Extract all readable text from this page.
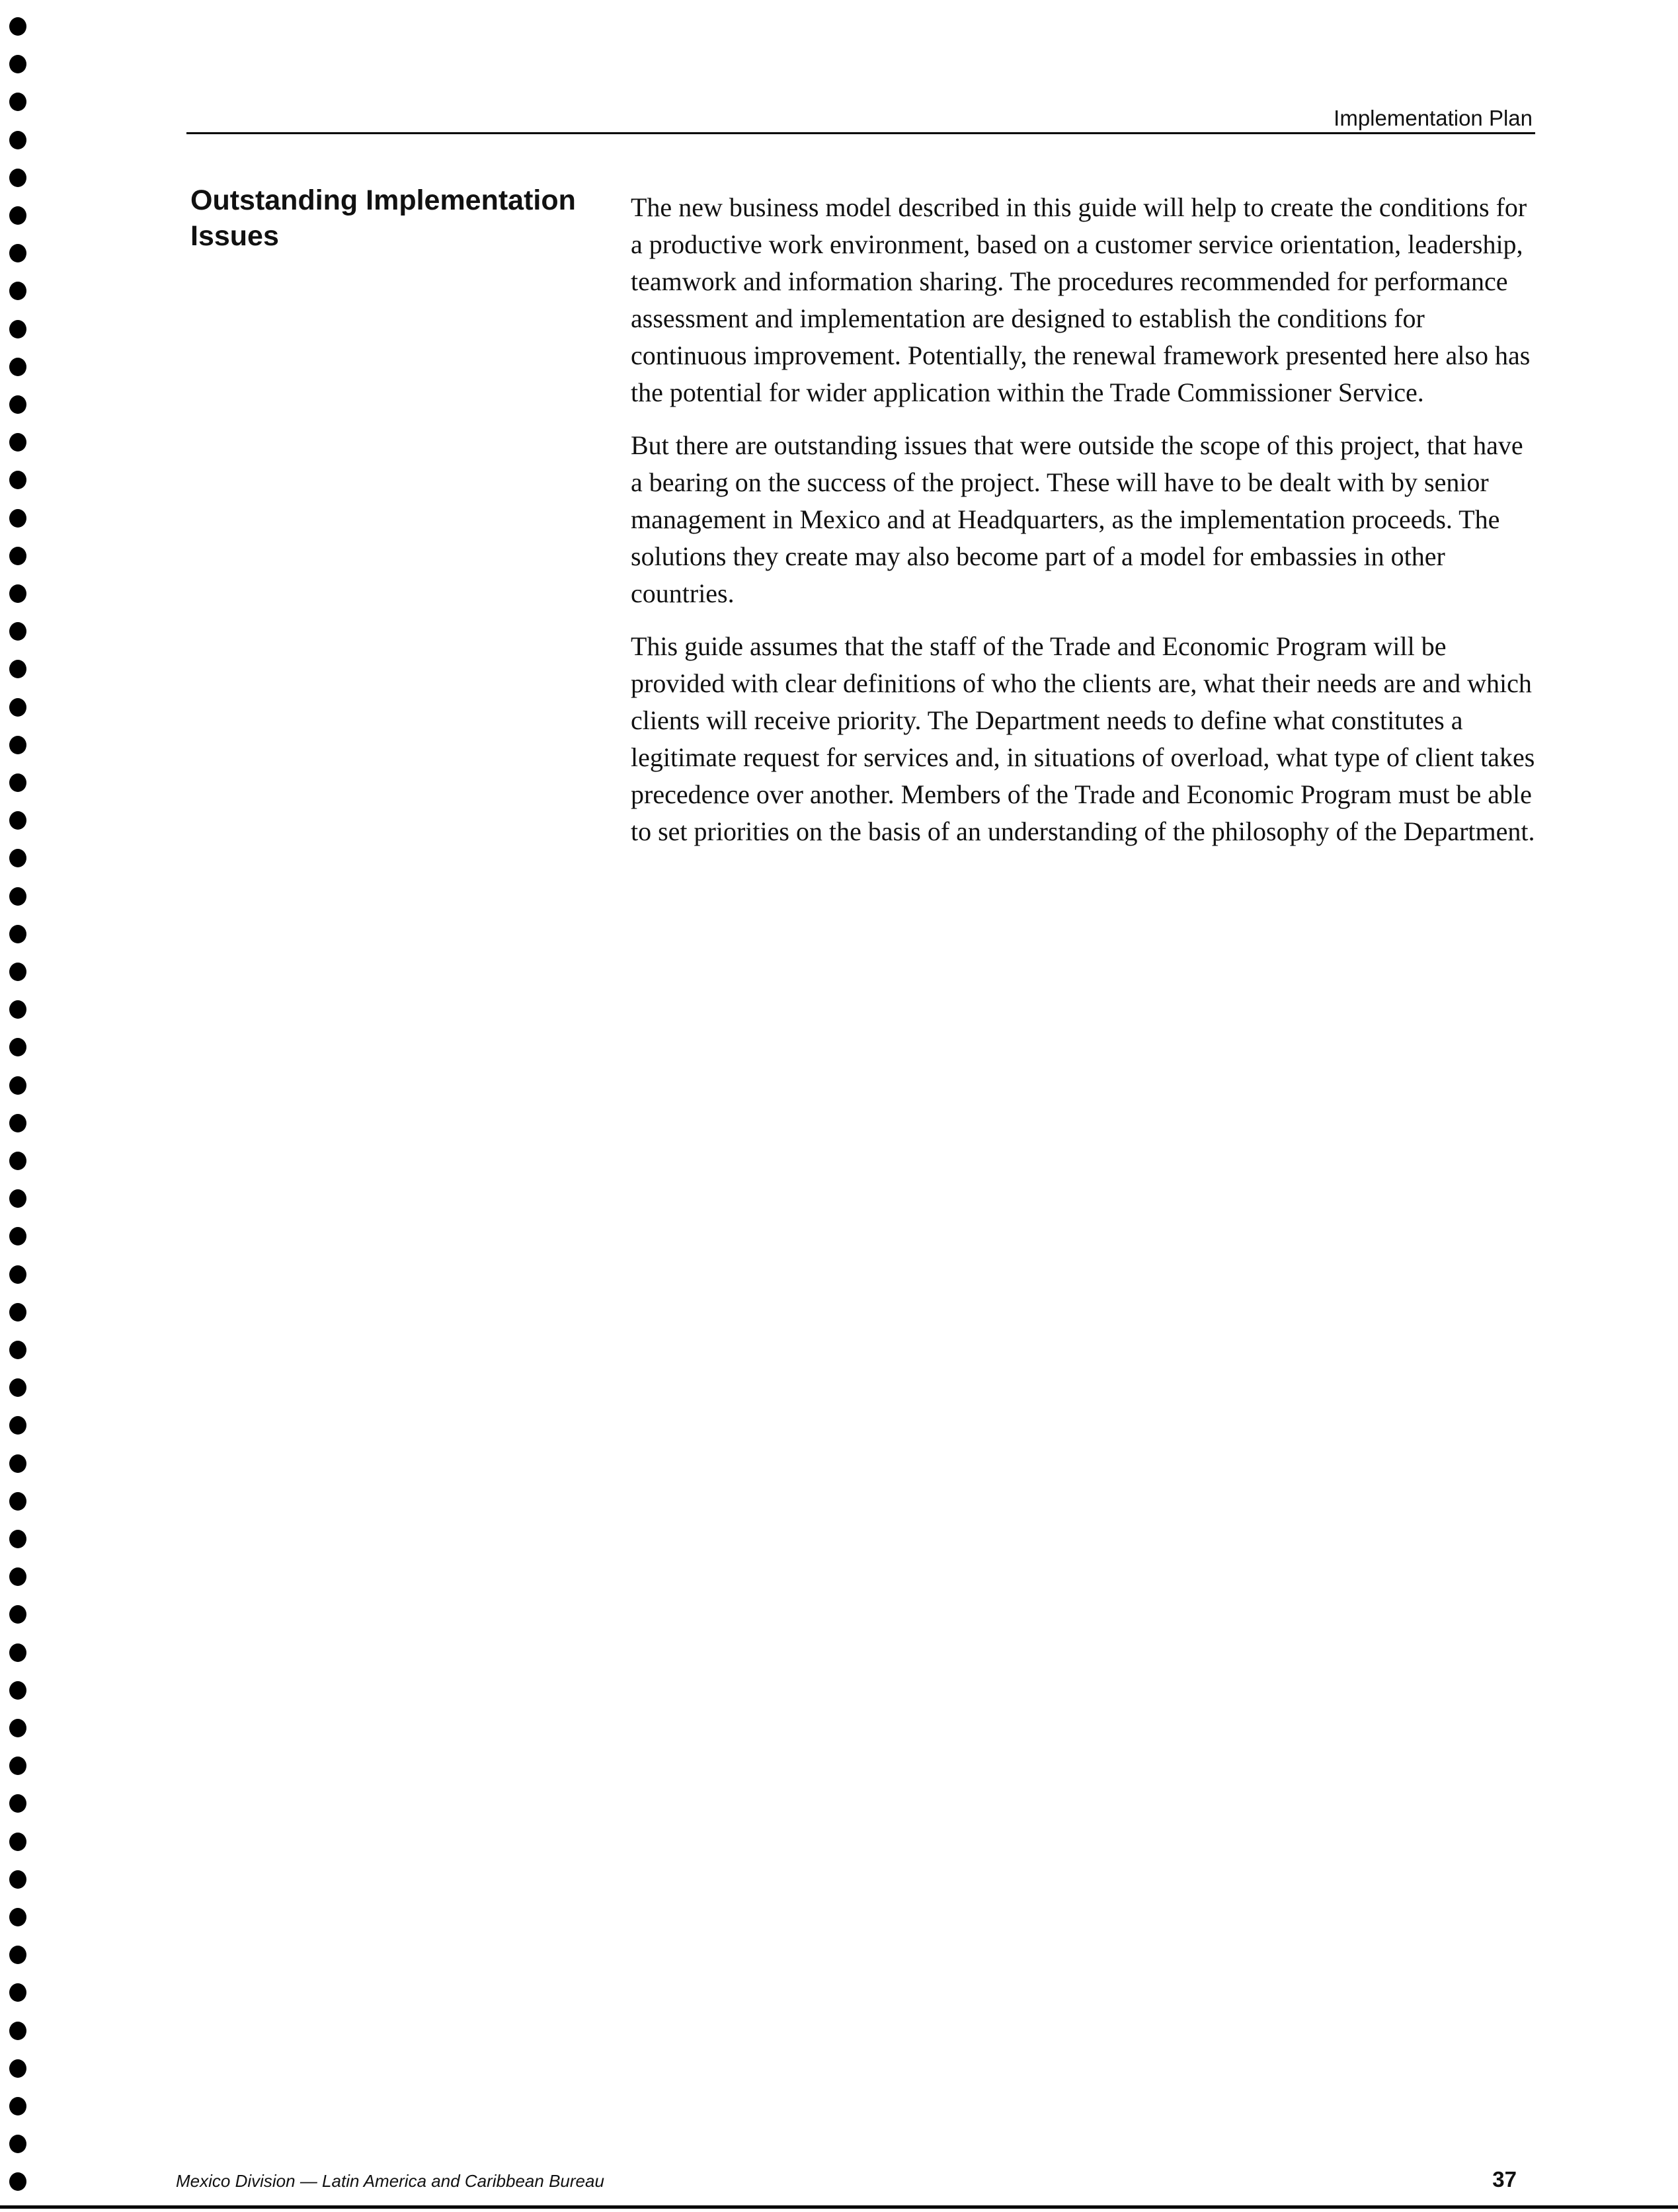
Implementation Plan

Outstanding Implementation Issues

The new business model described in this guide will help to create the conditions for a productive work environment, based on a customer service orientation, leadership, teamwork and information sharing. The procedures recommended for performance assessment and implementation are designed to establish the conditions for continuous improvement. Potentially, the renewal framework presented here also has the potential for wider application within the Trade Commissioner Service.

But there are outstanding issues that were outside the scope of this project, that have a bearing on the success of the project. These will have to be dealt with by senior management in Mexico and at Headquarters, as the implementation proceeds. The solutions they create may also become part of a model for embassies in other countries.

This guide assumes that the staff of the Trade and Economic Program will be provided with clear definitions of who the clients are, what their needs are and which clients will receive priority. The Department needs to define what constitutes a legitimate request for services and, in situations of overload, what type of client takes precedence over another. Members of the Trade and Economic Program must be able to set priorities on the basis of an understanding of the philosophy of the Department.

Mexico Division — Latin America and Caribbean Bureau	37
